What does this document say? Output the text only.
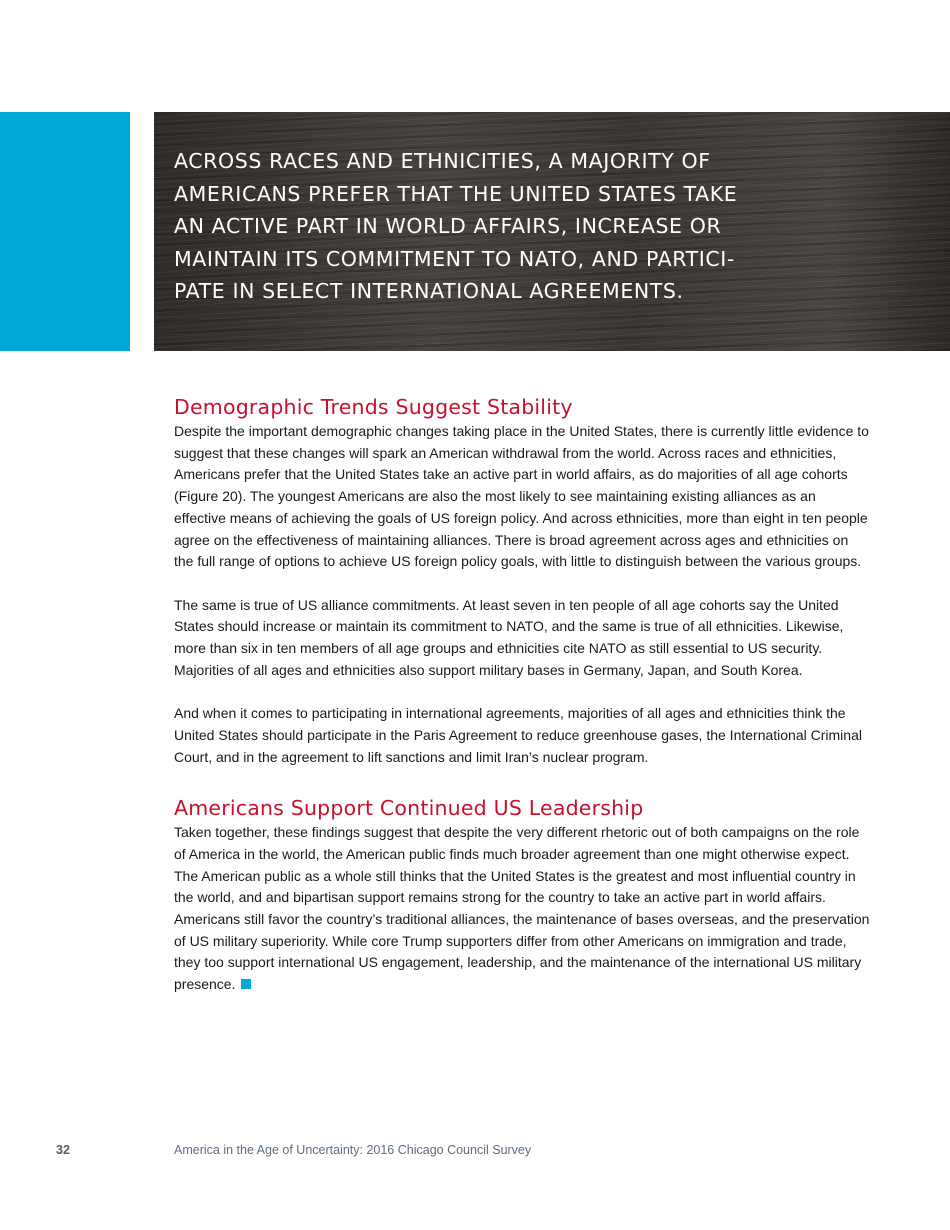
ACROSS RACES AND ETHNICITIES, A MAJORITY OF
AMERICANS PREFER THAT THE UNITED STATES TAKE
AN ACTIVE PART IN WORLD AFFAIRS, INCREASE OR
MAINTAIN ITS COMMITMENT TO NATO, AND PARTICI-
PATE IN SELECT INTERNATIONAL AGREEMENTS.
Demographic Trends Suggest Stability

Despite the important demographic changes taking place in the United States, there is currently little evidence to suggest that these changes will spark an American withdrawal from the world. Across races and ethnicities, Americans prefer that the United States take an active part in world affairs, as do majorities of all age cohorts (Figure 20). The youngest Americans are also the most likely to see maintaining existing alliances as an effective means of achieving the goals of US foreign policy. And across ethnicities, more than eight in ten people agree on the effectiveness of maintaining alliances. There is broad agreement across ages and ethnicities on the full range of options to achieve US foreign policy goals, with little to distinguish between the various groups.

The same is true of US alliance commitments. At least seven in ten people of all age cohorts say the United States should increase or maintain its commitment to NATO, and the same is true of all ethnicities. Likewise, more than six in ten members of all age groups and ethnicities cite NATO as still essential to US security. Majorities of all ages and ethnicities also support military bases in Germany, Japan, and South Korea.

And when it comes to participating in international agreements, majorities of all ages and ethnicities think the United States should participate in the Paris Agreement to reduce greenhouse gases, the International Criminal Court, and in the agreement to lift sanctions and limit Iran’s nuclear program.

Americans Support Continued US Leadership

Taken together, these findings suggest that despite the very different rhetoric out of both campaigns on the role of America in the world, the American public finds much broader agreement than one might otherwise expect. The American public as a whole still thinks that the United States is the greatest and most influential country in the world, and and bipartisan support remains strong for the country to take an active part in world affairs. Americans still favor the country’s traditional alliances, the maintenance of bases overseas, and the preservation of US military superiority. While core Trump supporters differ from other Americans on immigration and trade, they too support international US engagement, leadership, and the maintenance of the international US military presence.

32	America in the Age of Uncertainty: 2016 Chicago Council Survey
